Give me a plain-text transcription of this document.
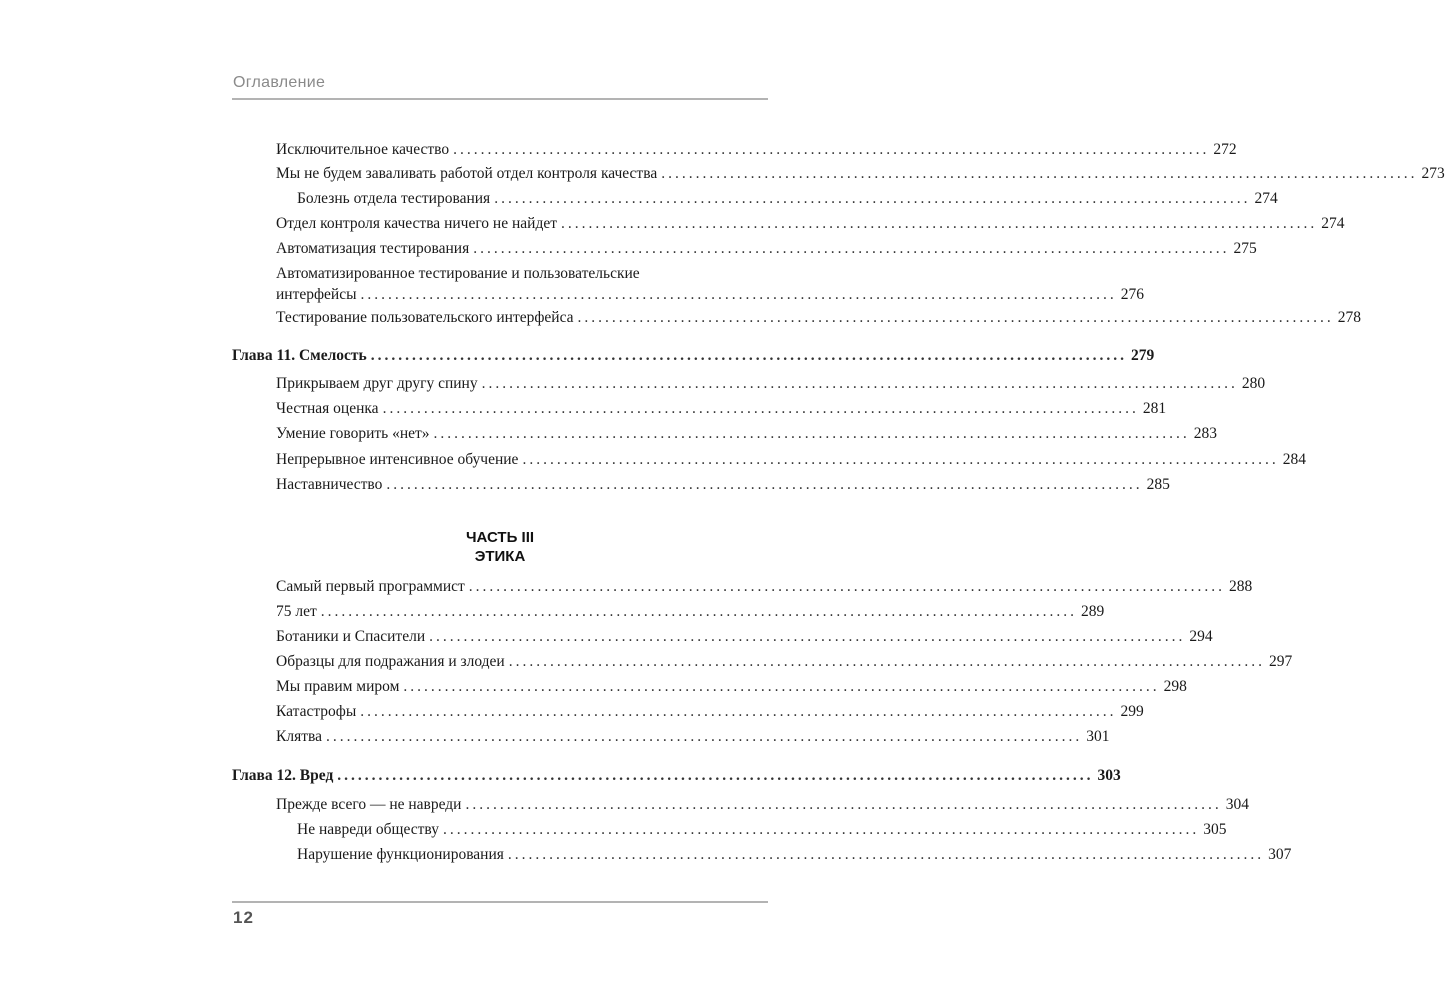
Оглавление
Исключительное качество .............................................................................................................. 272
Мы не будем заваливать работой отдел контроля качества .............................................................................................................. 273
Болезнь отдела тестирования .............................................................................................................. 274
Отдел контроля качества ничего не найдет .............................................................................................................. 274
Автоматизация тестирования .............................................................................................................. 275
Автоматизированное тестирование и пользовательские
интерфейсы .............................................................................................................. 276
Тестирование пользовательского интерфейса .............................................................................................................. 278
Глава 11. Смелость .............................................................................................................. 279
Прикрываем друг другу спину .............................................................................................................. 280
Честная оценка .............................................................................................................. 281
Умение говорить «нет» .............................................................................................................. 283
Непрерывное интенсивное обучение .............................................................................................................. 284
Наставничество .............................................................................................................. 285
ЧАСТЬ III
ЭТИКА
Самый первый программист .............................................................................................................. 288
75 лет .............................................................................................................. 289
Ботаники и Спасители .............................................................................................................. 294
Образцы для подражания и злодеи .............................................................................................................. 297
Мы правим миром .............................................................................................................. 298
Катастрофы .............................................................................................................. 299
Клятва .............................................................................................................. 301
Глава 12. Вред .............................................................................................................. 303
Прежде всего — не навреди .............................................................................................................. 304
Не навреди обществу .............................................................................................................. 305
Нарушение функционирования .............................................................................................................. 307
12
